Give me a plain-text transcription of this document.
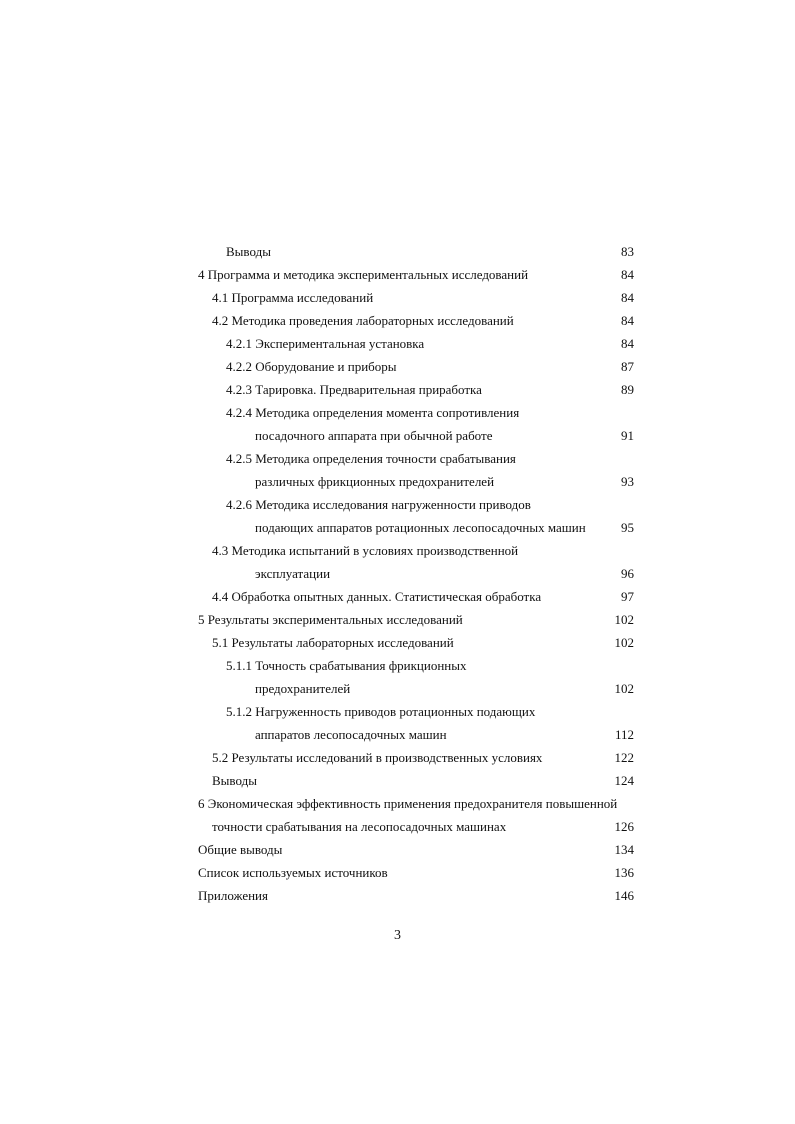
Выводы	83
4 Программа и методика экспериментальных исследований	84
4.1 Программа исследований	84
4.2 Методика проведения лабораторных исследований	84
4.2.1 Экспериментальная установка	84
4.2.2 Оборудование и приборы	87
4.2.3 Тарировка. Предварительная приработка	89
4.2.4 Методика определения момента сопротивления
посадочного аппарата при обычной работе	91
4.2.5 Методика определения точности срабатывания
различных фрикционных предохранителей	93
4.2.6 Методика исследования нагруженности приводов
подающих аппаратов ротационных лесопосадочных машин	95
4.3 Методика испытаний в условиях производственной
эксплуатации	96
4.4 Обработка опытных данных. Статистическая обработка	97
5 Результаты экспериментальных исследований	102
5.1 Результаты лабораторных исследований	102
5.1.1 Точность срабатывания фрикционных
предохранителей	102
5.1.2 Нагруженность приводов ротационных подающих
аппаратов лесопосадочных машин	112
5.2 Результаты исследований в производственных условиях	122
Выводы	124
6 Экономическая эффективность применения предохранителя повышенной
точности срабатывания на лесопосадочных машинах	126
Общие выводы	134
Список используемых источников	136
Приложения	146
3
